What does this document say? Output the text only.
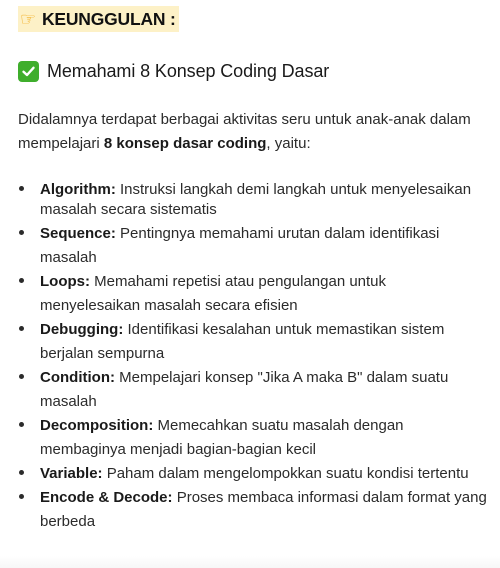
☞ KEUNGGULAN :
Memahami 8 Konsep Coding Dasar
Didalamnya terdapat berbagai aktivitas seru untuk anak-anak dalam mempelajari 8 konsep dasar coding, yaitu:
Algorithm: Instruksi langkah demi langkah untuk menyelesaikan masalah secara sistematis
Sequence: Pentingnya memahami urutan dalam identifikasi masalah
Loops: Memahami repetisi atau pengulangan untuk menyelesaikan masalah secara efisien
Debugging: Identifikasi kesalahan untuk memastikan sistem berjalan sempurna
Condition: Mempelajari konsep "Jika A maka B" dalam suatu masalah
Decomposition: Memecahkan suatu masalah dengan membaginya menjadi bagian-bagian kecil
Variable: Paham dalam mengelompokkan suatu kondisi tertentu
Encode & Decode: Proses membaca informasi dalam format yang berbeda
